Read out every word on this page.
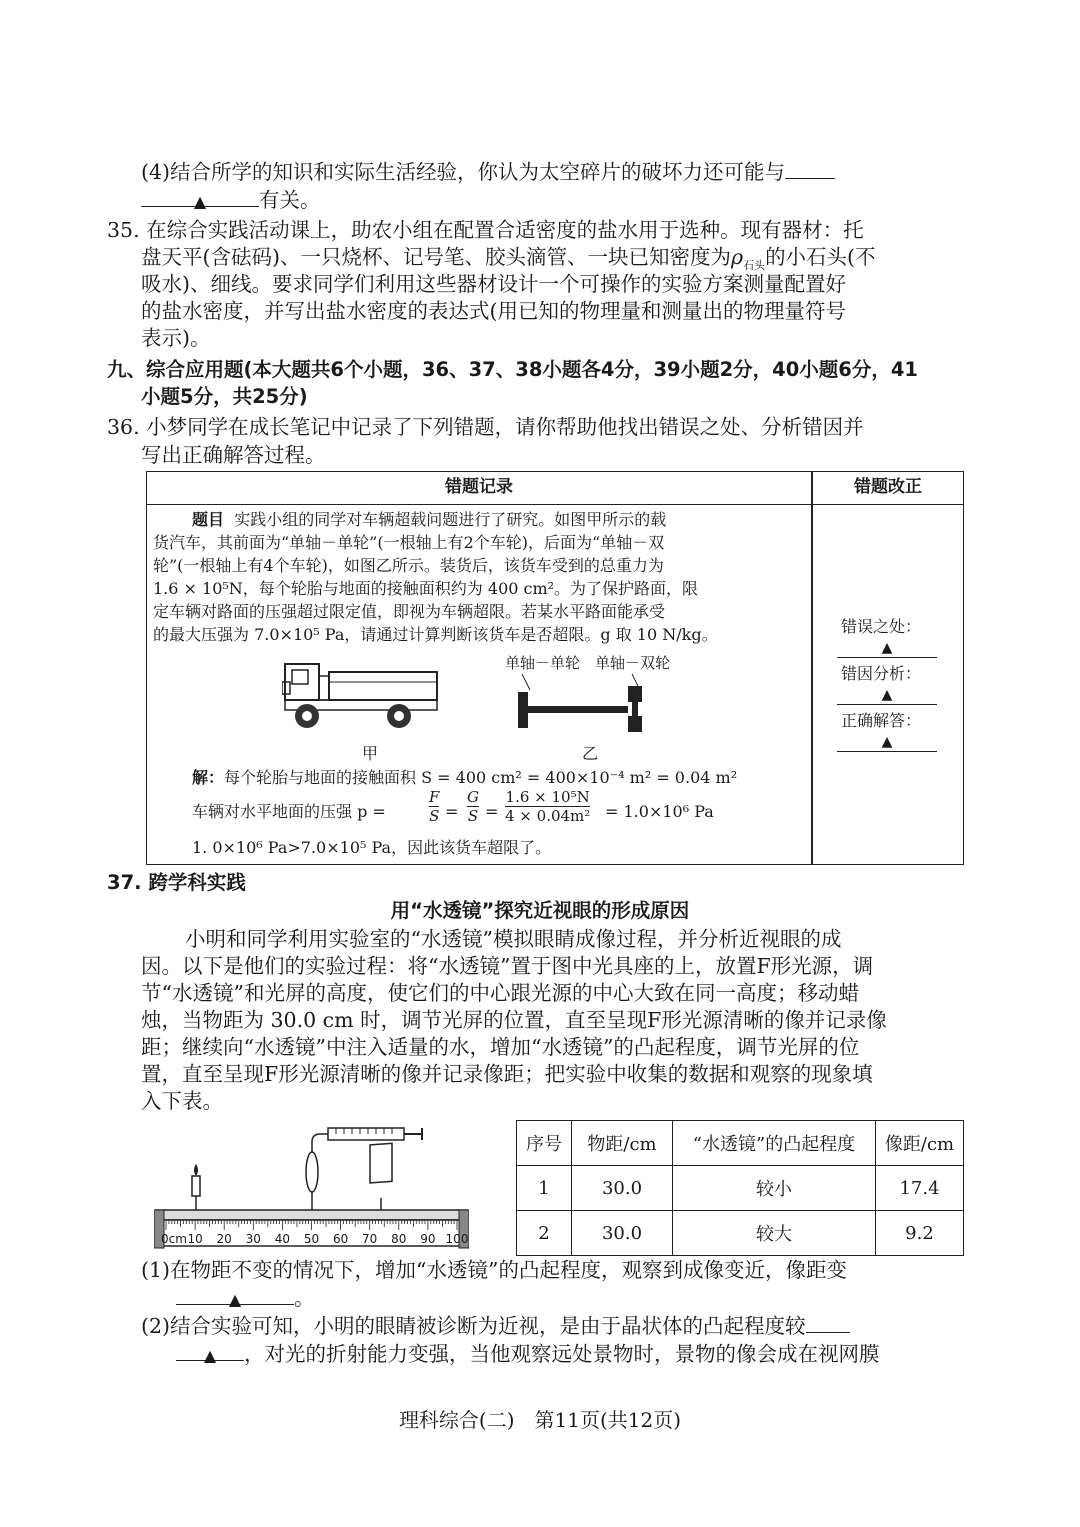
(4)结合所学的知识和实际生活经验，你认为太空碎片的破坏力还可能与
▲	有关。
35. 在综合实践活动课上，助农小组在配置合适密度的盐水用于选种。现有器材：托
盘天平(含砝码)、一只烧杯、记号笔、胶头滴管、一块已知密度为$\rho_{石头}$的小石头(不
吸水)、细线。要求同学们利用这些器材设计一个可操作的实验方案测量配置好
的盐水密度，并写出盐水密度的表达式(用已知的物理量和测量出的物理量符号
表示)。
九、综合应用题(本大题共6个小题，36、37、38小题各4分，39小题2分，40小题6分，41
小题5分，共25分)
36. 小梦同学在成长笔记中记录了下列错题，请你帮助他找出错误之处、分析错因并
写出正确解答过程。
错题记录	错题改正
题目 实践小组的同学对车辆超载问题进行了研究。如图甲所示的载
货汽车，其前面为“单轴－单轮”(一根轴上有2个车轮)，后面为“单轴－双
轮”(一根轴上有4个车轮)，如图乙所示。装货后，该货车受到的总重力为
1.6 × 10⁵N，每个轮胎与地面的接触面积约为 400 cm²。为了保护路面，限
定车辆对路面的压强超过限定值，即视为车辆超限。若某水平路面能承受
的最大压强为 7.0×10⁵ Pa，请通过计算判断该货车是否超限。g 取 10 N/kg。
单轴－单轮 单轴－双轮
甲	乙
解：每个轮胎与地面的接触面积 S = 400 cm² = 400×10⁻⁴ m² = 0.04 m²
车辆对水平地面的压强 p =
F
S =
G
S =
1.6 × 10⁵N
4 × 0.04m² = 1.0×10⁶ Pa
1. 0×10⁶ Pa>7.0×10⁵ Pa，因此该货车超限了。
错误之处：
▲
错因分析：
▲
正确解答：
▲
37. 跨学科实践
用“水透镜”探究近视眼的形成原因
小明和同学利用实验室的“水透镜”模拟眼睛成像过程，并分析近视眼的成
因。以下是他们的实验过程：将“水透镜”置于图中光具座的上，放置F形光源，调
节“水透镜”和光屏的高度，使它们的中心跟光源的中心大致在同一高度；移动蜡
烛，当物距为 30.0 cm 时，调节光屏的位置，直至呈现F形光源清晰的像并记录像
距；继续向“水透镜”中注入适量的水，增加“水透镜”的凸起程度，调节光屏的位
置，直至呈现F形光源清晰的像并记录像距；把实验中收集的数据和观察的现象填
入下表。
0cm 10 20 30 40 50 60 70 80 90 100
序号	物距/cm	“水透镜”的凸起程度	像距/cm
1	30.0	较小	17.4
2	30.0	较大	9.2
(1)在物距不变的情况下，增加“水透镜”的凸起程度，观察到成像变近，像距变
▲	。
(2)结合实验可知，小明的眼睛被诊断为近视，是由于晶状体的凸起程度较
▲ ，对光的折射能力变强，当他观察远处景物时，景物的像会成在视网膜
理科综合(二)　第11页(共12页)
